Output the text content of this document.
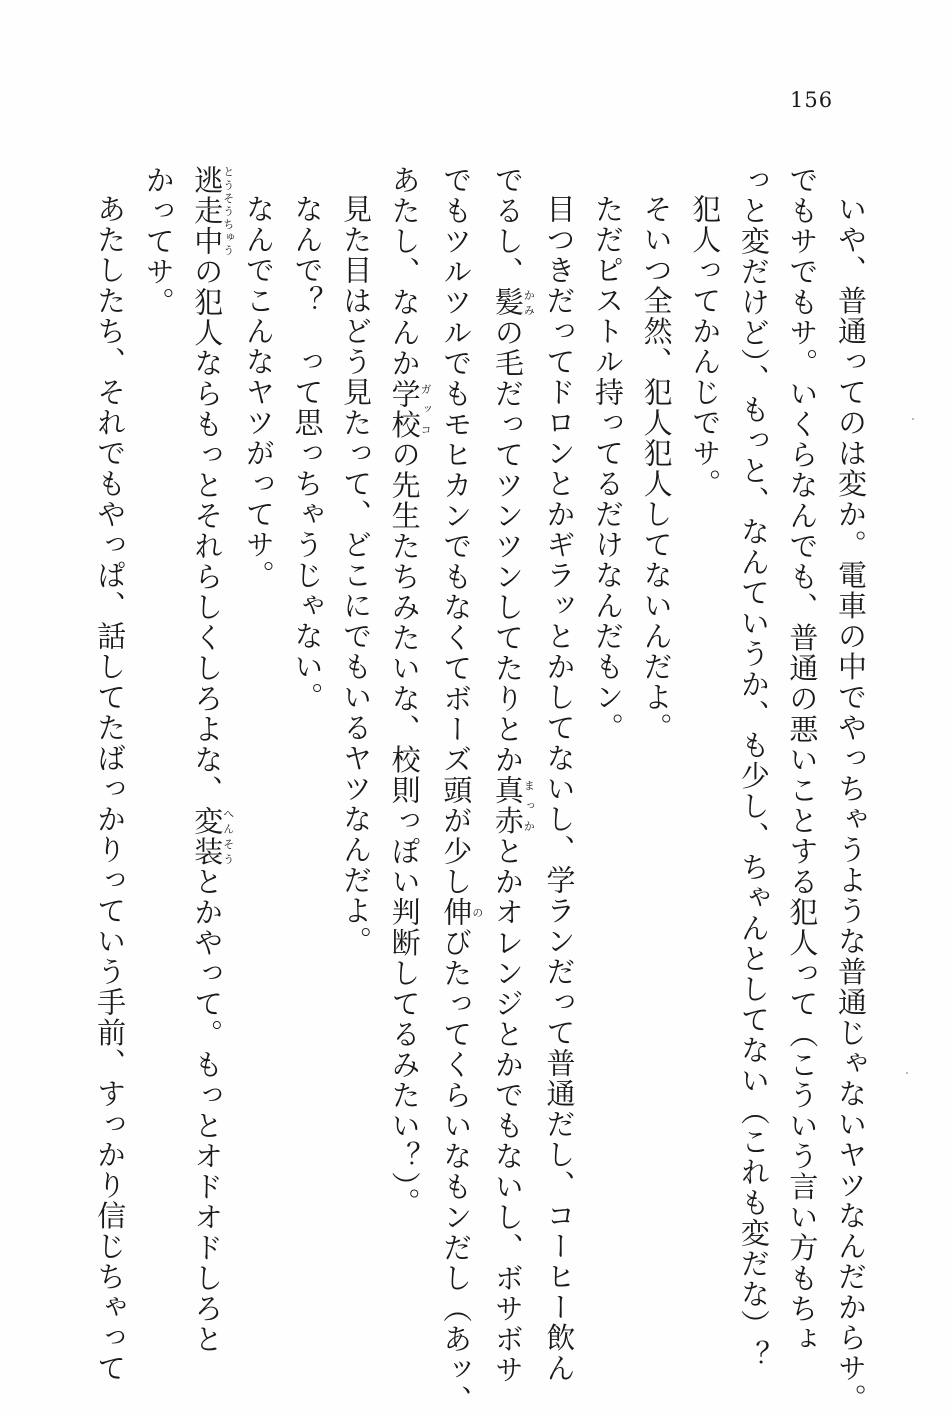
156
いや、普通ってのは変か。電車の中でやっちゃうような普通じゃないヤツなんだからサ。
でもサでもサ。いくらなんでも、普通の悪いことする犯人って（こういう言い方もちょ
っと変だけど）、もっと、なんていうか、も少し、ちゃんとしてない（これも変だな）？
犯人ってかんじでサ。
そいつ全然、犯人犯人してないんだよ。
ただピストル持ってるだけなんだもン。
目つきだってドロンとかギラッとかしてないし、学ランだって普通だし、コーヒー飲ん
でるし、髪かみの毛だってツンツンしてたりとか真赤まっかとかオレンジとかでもないし、ボサボサ
でもツルツルでもモヒカンでもなくてボーズ頭が少し伸のびたってくらいなもンだし（あッ、
あたし、なんか学校ガッコの先生たちみたいな、校則っぽい判断してるみたい？）。
見た目はどう見たって、どこにでもいるヤツなんだよ。
なんで？　って思っちゃうじゃない。
なんでこんなヤツがってサ。
逃走中とうそうちゅうの犯人ならもっとそれらしくしろよな、変装へんそうとかやって。もっとオドオドしろと
かってサ。
あたしたち、それでもやっぱ、話してたばっかりっていう手前、すっかり信じちゃって
